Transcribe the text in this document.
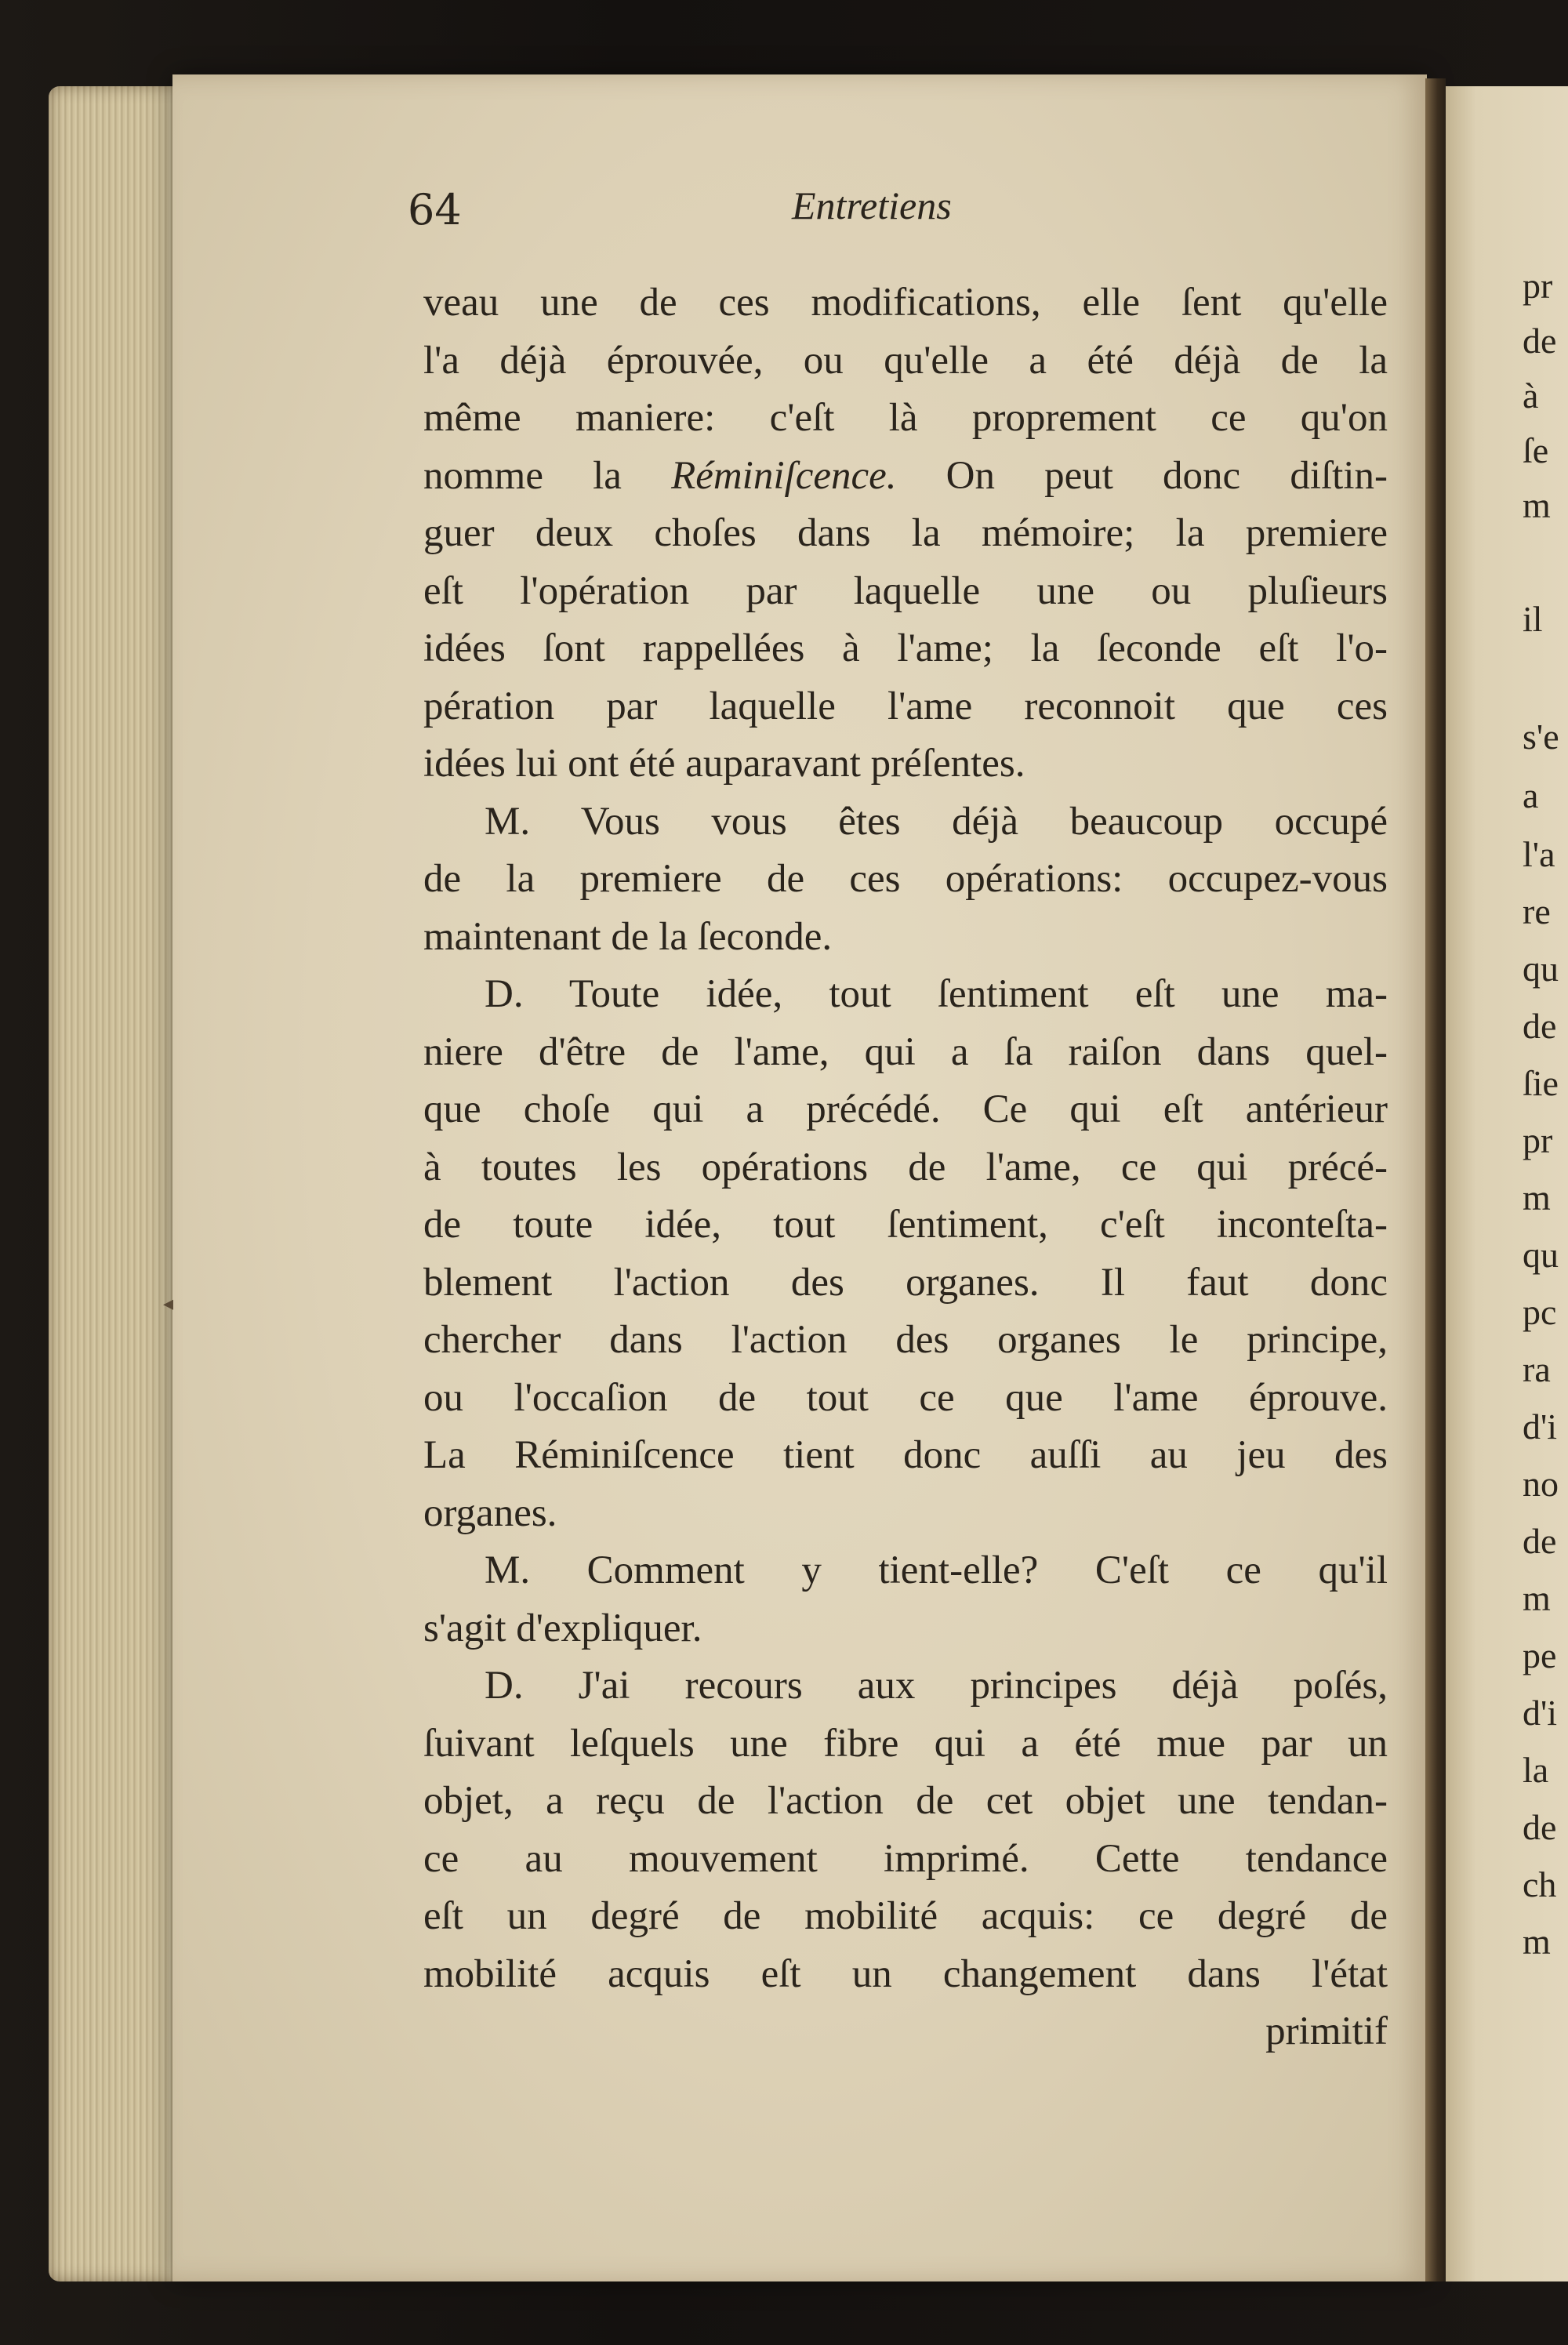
◂
64	Entretiens
veau une de ces modifications, elle ſent qu'elle
l'a déjà éprouvée, ou qu'elle a été déjà de la
même maniere: c'eſt là proprement ce qu'on
nomme la Réminiſcence. On peut donc diſtin-
guer deux choſes dans la mémoire; la premiere
eſt l'opération par laquelle une ou pluſieurs
idées ſont rappellées à l'ame; la ſeconde eſt l'o-
pération par laquelle l'ame reconnoit que ces
idées lui ont été auparavant préſentes.
M. Vous vous êtes déjà beaucoup occupé
de la premiere de ces opérations: occupez-vous
maintenant de la ſeconde.
D. Toute idée, tout ſentiment eſt une ma-
niere d'être de l'ame, qui a ſa raiſon dans quel-
que choſe qui a précédé. Ce qui eſt antérieur
à toutes les opérations de l'ame, ce qui précé-
de toute idée, tout ſentiment, c'eſt inconteſta-
blement l'action des organes. Il faut donc
chercher dans l'action des organes le principe,
ou l'occaſion de tout ce que l'ame éprouve.
La Réminiſcence tient donc auſſi au jeu des
organes.
M. Comment y tient-elle? C'eſt ce qu'il
s'agit d'expliquer.
D. J'ai recours aux principes déjà poſés,
ſuivant leſquels une fibre qui a été mue par un
objet, a reçu de l'action de cet objet une tendan-
ce au mouvement imprimé. Cette tendance
eſt un degré de mobilité acquis: ce degré de
mobilité acquis eſt un changement dans l'état
primitif
pr
de
à
ſe
m
il
s'e
a
l'a
re
qu
de
ſie
pr
m
qu
pc
ra
d'i
no
de
m
pe
d'i
la
de
ch
m
